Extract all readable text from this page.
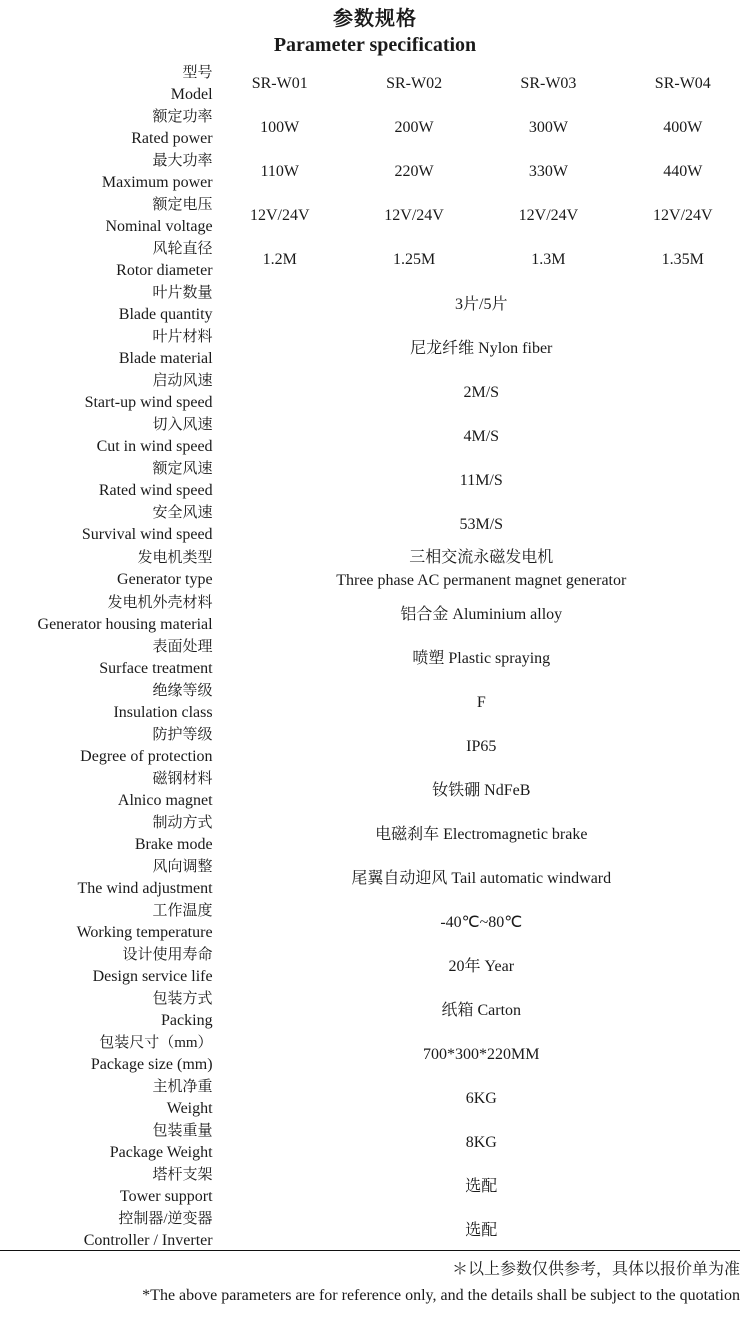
参数规格
Parameter specification
型号
Model	SR-W01	SR-W02	SR-W03	SR-W04

额定功率
Rated power	100W	200W	300W	400W

最大功率
Maximum power	110W	220W	330W	440W

额定电压
Nominal voltage	12V/24V	12V/24V	12V/24V	12V/24V

风轮直径
Rotor diameter	1.2M	1.25M	1.3M	1.35M

叶片数量
Blade quantity	3片/5片			

叶片材料
Blade material	尼龙纤维 Nylon fiber			

启动风速
Start-up wind speed	2M/S			

切入风速
Cut in wind speed	4M/S			

额定风速
Rated wind speed	11M/S			

安全风速
Survival wind speed	53M/S			

发电机类型
Generator type	三相交流永磁发电机
Three phase AC permanent magnet generator			

发电机外壳材料
Generator housing material	铝合金 Aluminium alloy			

表面处理
Surface treatment	喷塑 Plastic spraying			

绝缘等级
Insulation class	F			

防护等级
Degree of protection	IP65			

磁钢材料
Alnico magnet	钕铁硼 NdFeB			

制动方式
Brake mode	电磁刹车 Electromagnetic brake			

风向调整
The wind adjustment	尾翼自动迎风 Tail automatic windward			

工作温度
Working temperature	-40℃~80℃			

设计使用寿命
Design service life	20年 Year			

包装方式
Packing	纸箱 Carton			

包装尺寸（mm）
Package size (mm)	700*300*220MM			

主机净重
Weight	6KG			

包装重量
Package Weight	8KG			

塔杆支架
Tower support	选配			

控制器/逆变器
Controller / Inverter	选配			
＊以上参数仅供参考，具体以报价单为准
*The above parameters are for reference only, and the details shall be subject to the quotation
